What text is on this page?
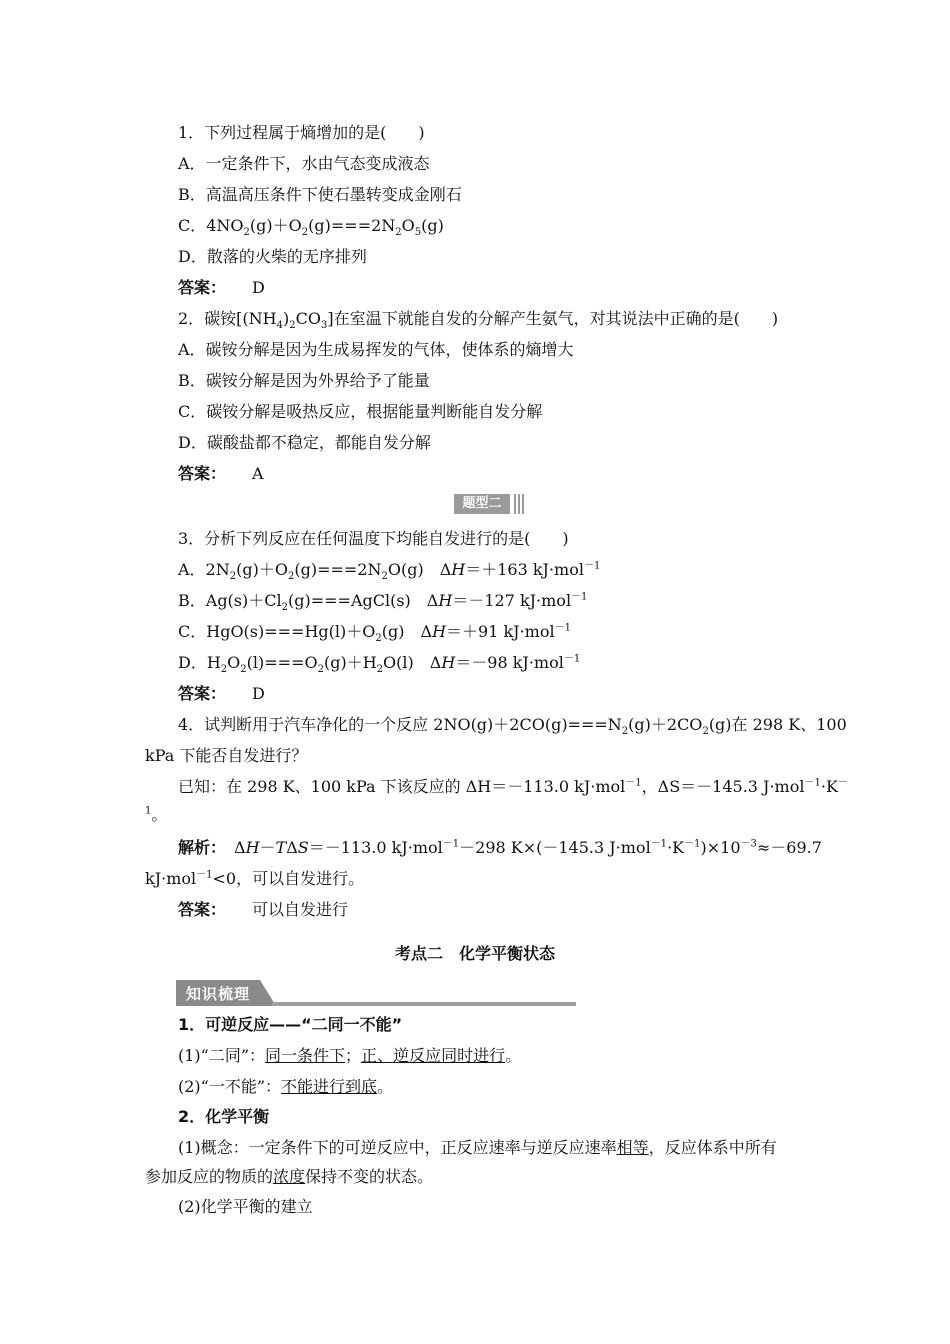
1．下列过程属于熵增加的是(　　)
A．一定条件下，水由气态变成液态
B．高温高压条件下使石墨转变成金刚石
C．$4NO_2(g)+O_2(g)===2N_2O_5(g)$
D．散落的火柴的无序排列
答案： D
2．碳铵$[(NH_4)_2CO_3]$在室温下就能自发的分解产生氨气，对其说法中正确的是(　　)
A．碳铵分解是因为生成易挥发的气体，使体系的熵增大
B．碳铵分解是因为外界给予了能量
C．碳铵分解是吸热反应，根据能量判断能自发分解
D．碳酸盐都不稳定，都能自发分解
答案： A
题型二
3．分析下列反应在任何温度下均能自发进行的是(　　)
A．$2N_2(g)+O_2(g)===2N_2O(g)$　ΔH＝＋163 kJ·mol$^{-1}$
B．$Ag(s)+Cl_2(g)===AgCl(s)$　ΔH＝－127 kJ·mol$^{-1}$
C．$HgO(s)===Hg(l)+O_2(g)$　ΔH＝＋91 kJ·mol$^{-1}$
D．$H_2O_2(l)===O_2(g)+H_2O(l)$　ΔH＝－98 kJ·mol$^{-1}$
答案： D
4．试判断用于汽车净化的一个反应 $2NO(g)+2CO(g)===N_2(g)+2CO_2(g)$在 298 K、100
kPa 下能否自发进行？
已知：在 298 K、100 kPa 下该反应的 ΔH＝－113.0 kJ·mol$^{-1}$，ΔS＝－145.3 J·mol$^{-1}$·K－
$^1$。
解析：　ΔH－TΔS＝－113.0 kJ·mol$^{-1}$－298 K×(－145.3 $J\cdot mol^{-1}\cdot K^{-1})\times 10^{-3}\approx-69.7$
kJ·mol$^{-1}$<0，可以自发进行。
答案： 可以自发进行
考点二　化学平衡状态
知识梳理
1．可逆反应——“二同一不能”
(1)“二同”：同一条件下；正、逆反应同时进行。
(2)“一不能”：不能进行到底。
2．化学平衡
(1)概念：一定条件下的可逆反应中，正反应速率与逆反应速率相等，反应体系中所有
参加反应的物质的浓度保持不变的状态。
(2)化学平衡的建立
